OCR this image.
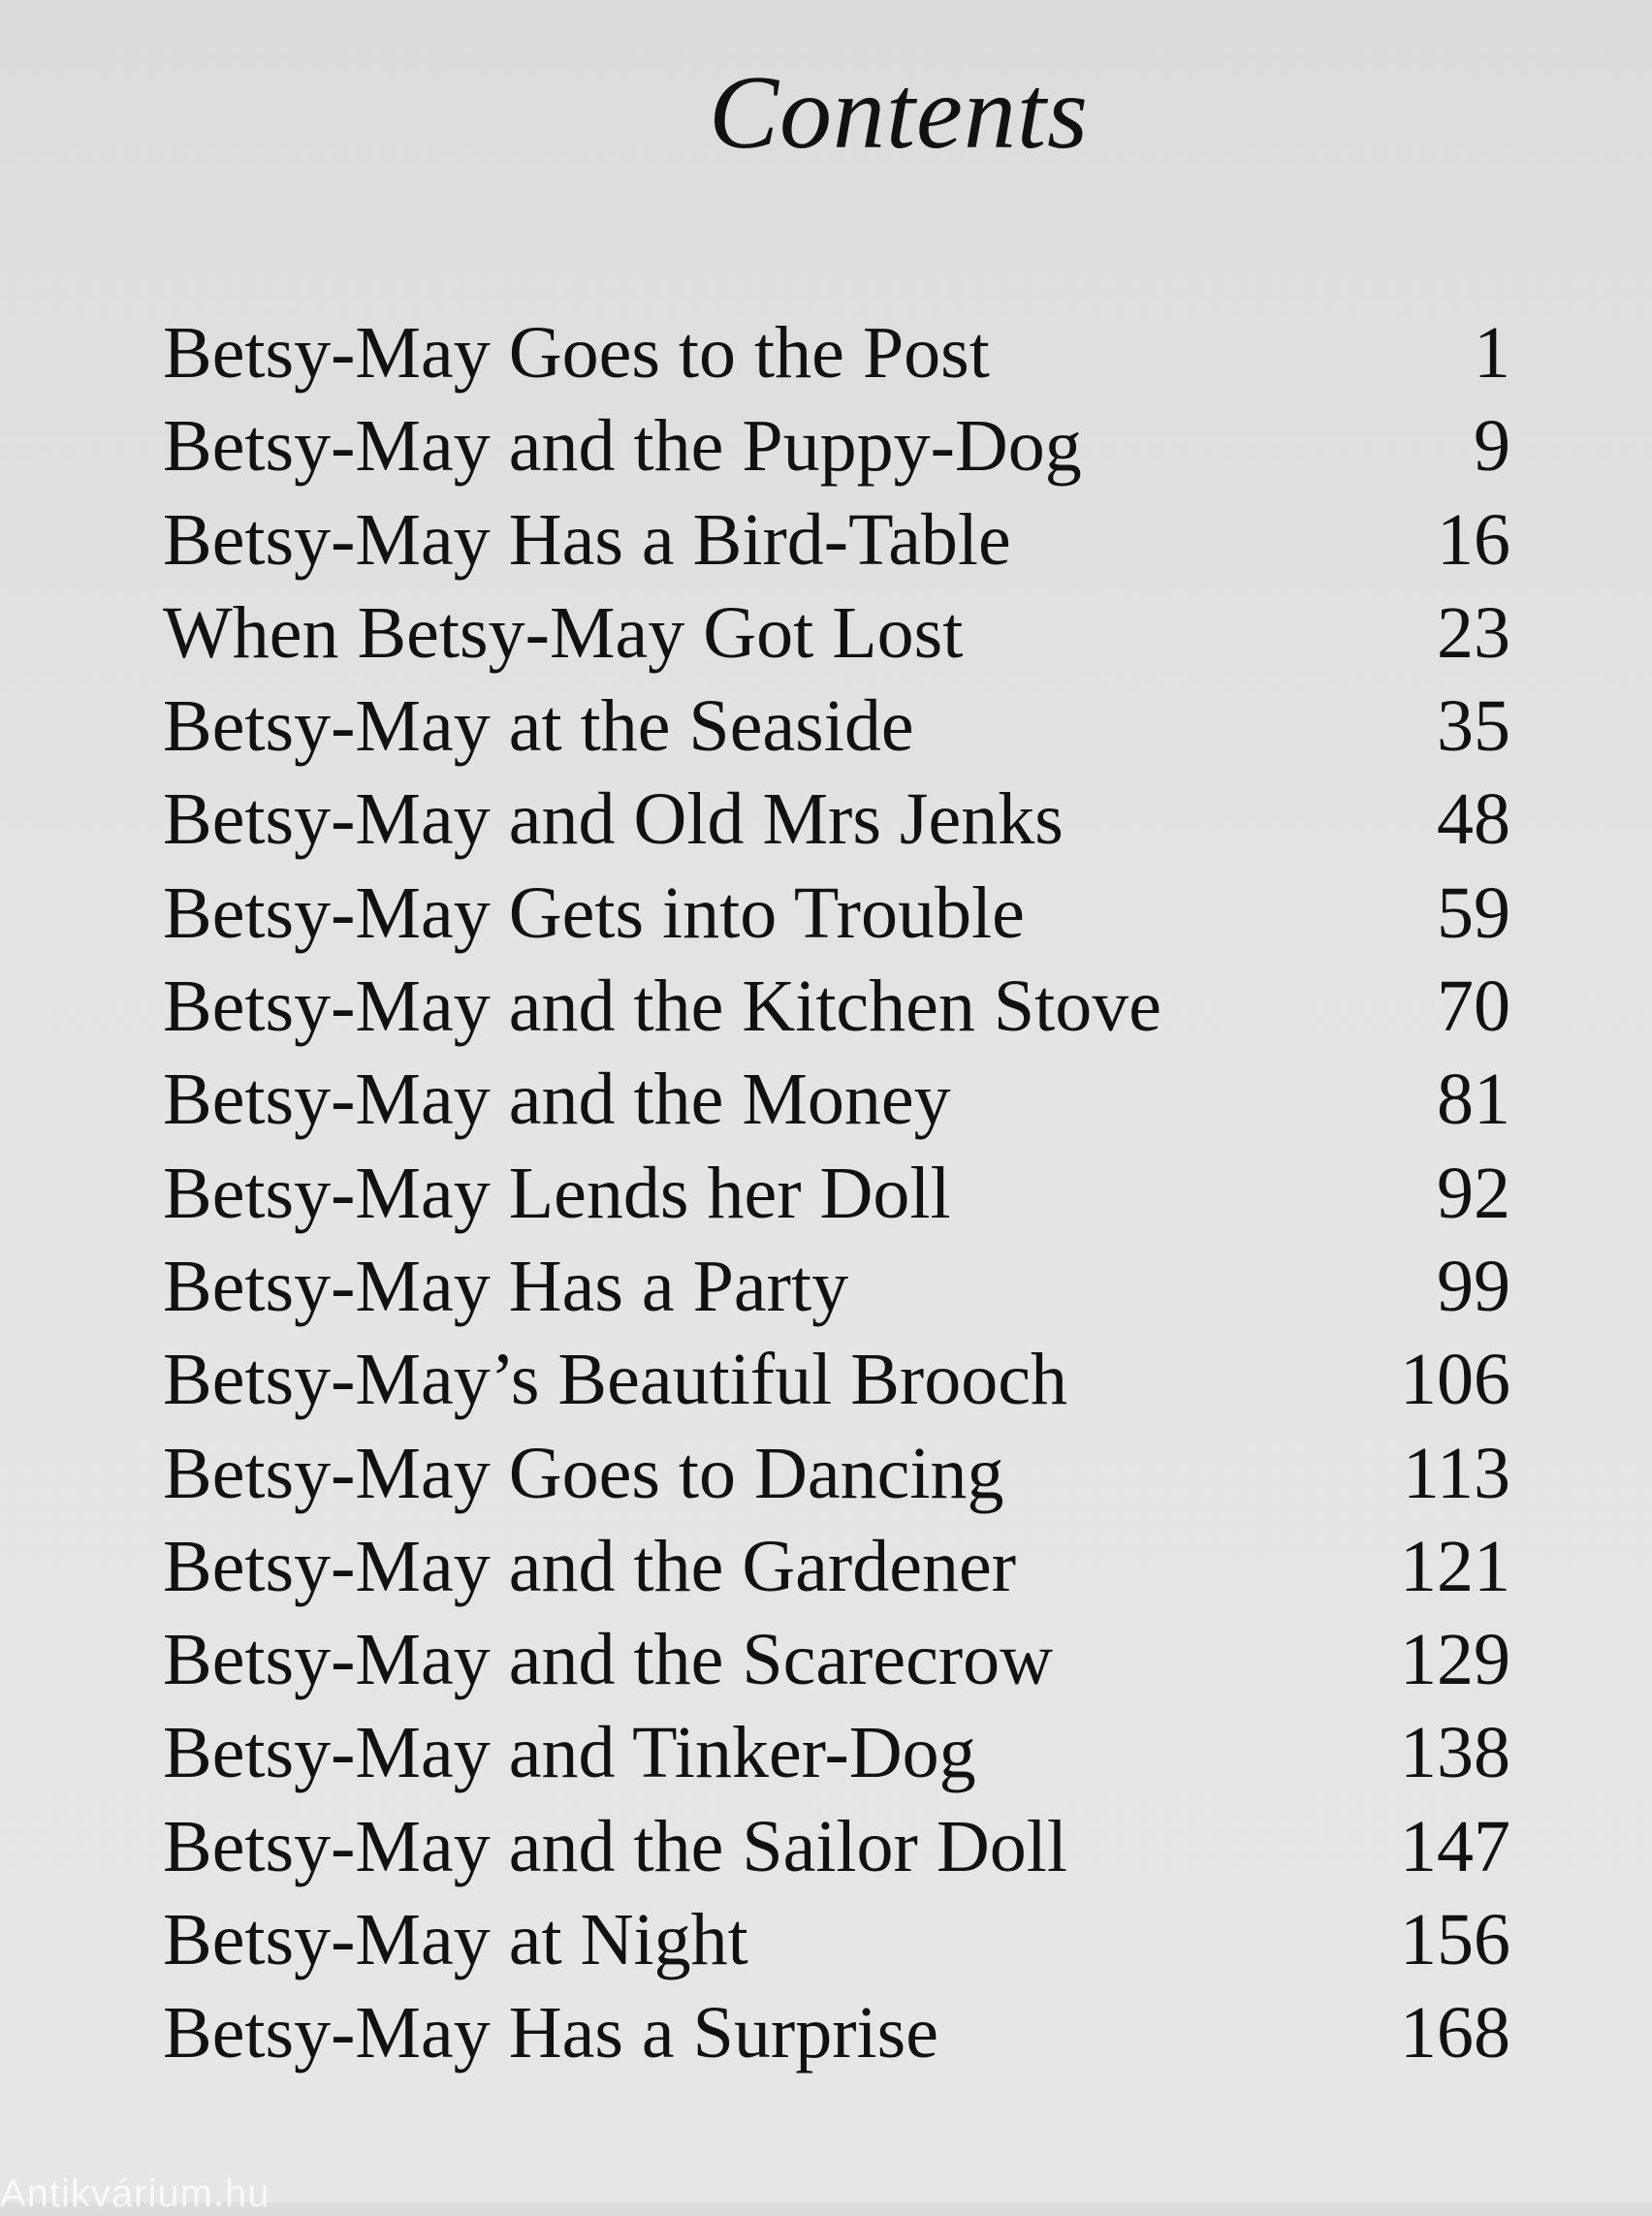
Contents
Betsy-May Goes to the Post	1
Betsy-May and the Puppy-Dog	9
Betsy-May Has a Bird-Table	16
When Betsy-May Got Lost	23
Betsy-May at the Seaside	35
Betsy-May and Old Mrs Jenks	48
Betsy-May Gets into Trouble	59
Betsy-May and the Kitchen Stove	70
Betsy-May and the Money	81
Betsy-May Lends her Doll	92
Betsy-May Has a Party	99
Betsy-May’s Beautiful Brooch	106
Betsy-May Goes to Dancing	113
Betsy-May and the Gardener	121
Betsy-May and the Scarecrow	129
Betsy-May and Tinker-Dog	138
Betsy-May and the Sailor Doll	147
Betsy-May at Night	156
Betsy-May Has a Surprise	168
Antikvárium.hu
